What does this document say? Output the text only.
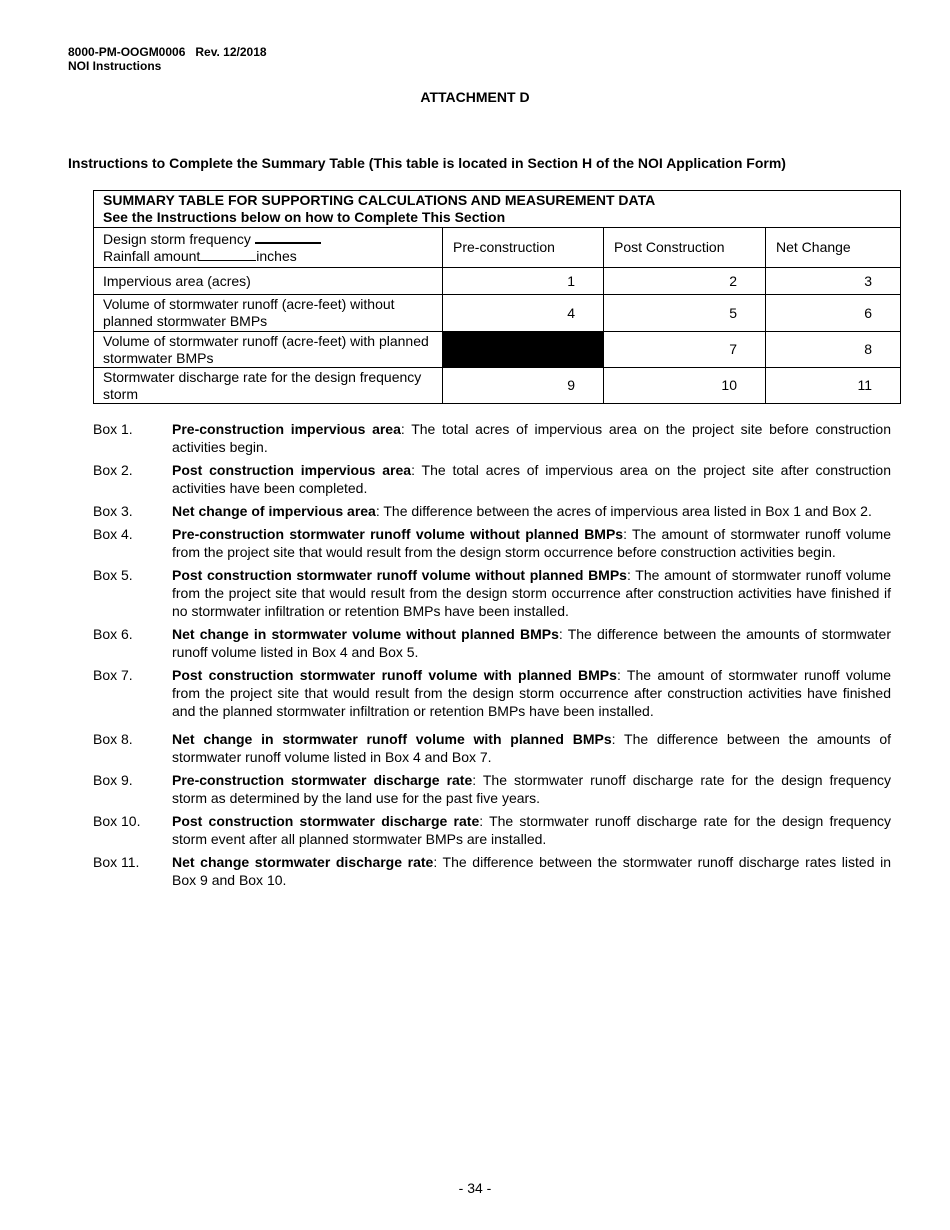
8000-PM-OOGM0006 Rev. 12/2018
NOI Instructions
ATTACHMENT D
Instructions to Complete the Summary Table (This table is located in Section H of the NOI Application Form)
SUMMARY TABLE FOR SUPPORTING CALCULATIONS AND MEASUREMENT DATA
See the Instructions below on how to Complete This Section			

Design storm frequency
Rainfall amount inches	Pre-construction	Post Construction	Net Change
Impervious area (acres)	1	2	3
Volume of stormwater runoff (acre-feet) without planned stormwater BMPs	4	5	6
Volume of stormwater runoff (acre-feet) with planned stormwater BMPs		7	8
Stormwater discharge rate for the design frequency storm	9	10	11
Box 1.	Pre-construction impervious area: The total acres of impervious area on the project site before construction activities begin.
Box 2.	Post construction impervious area: The total acres of impervious area on the project site after construction activities have been completed.
Box 3.	Net change of impervious area: The difference between the acres of impervious area listed in Box 1 and Box 2.
Box 4.	Pre-construction stormwater runoff volume without planned BMPs: The amount of stormwater runoff volume from the project site that would result from the design storm occurrence before construction activities begin.
Box 5.	Post construction stormwater runoff volume without planned BMPs: The amount of stormwater runoff volume from the project site that would result from the design storm occurrence after construction activities have finished if no stormwater infiltration or retention BMPs have been installed.
Box 6.	Net change in stormwater volume without planned BMPs: The difference between the amounts of stormwater runoff volume listed in Box 4 and Box 5.
Box 7.	Post construction stormwater runoff volume with planned BMPs: The amount of stormwater runoff volume from the project site that would result from the design storm occurrence after construction activities have finished and the planned stormwater infiltration or retention BMPs have been installed.
Box 8.	Net change in stormwater runoff volume with planned BMPs: The difference between the amounts of stormwater runoff volume listed in Box 4 and Box 7.
Box 9.	Pre-construction stormwater discharge rate: The stormwater runoff discharge rate for the design frequency storm as determined by the land use for the past five years.
Box 10.	Post construction stormwater discharge rate: The stormwater runoff discharge rate for the design frequency storm event after all planned stormwater BMPs are installed.
Box 11.	Net change stormwater discharge rate: The difference between the stormwater runoff discharge rates listed in Box 9 and Box 10.
- 34 -
